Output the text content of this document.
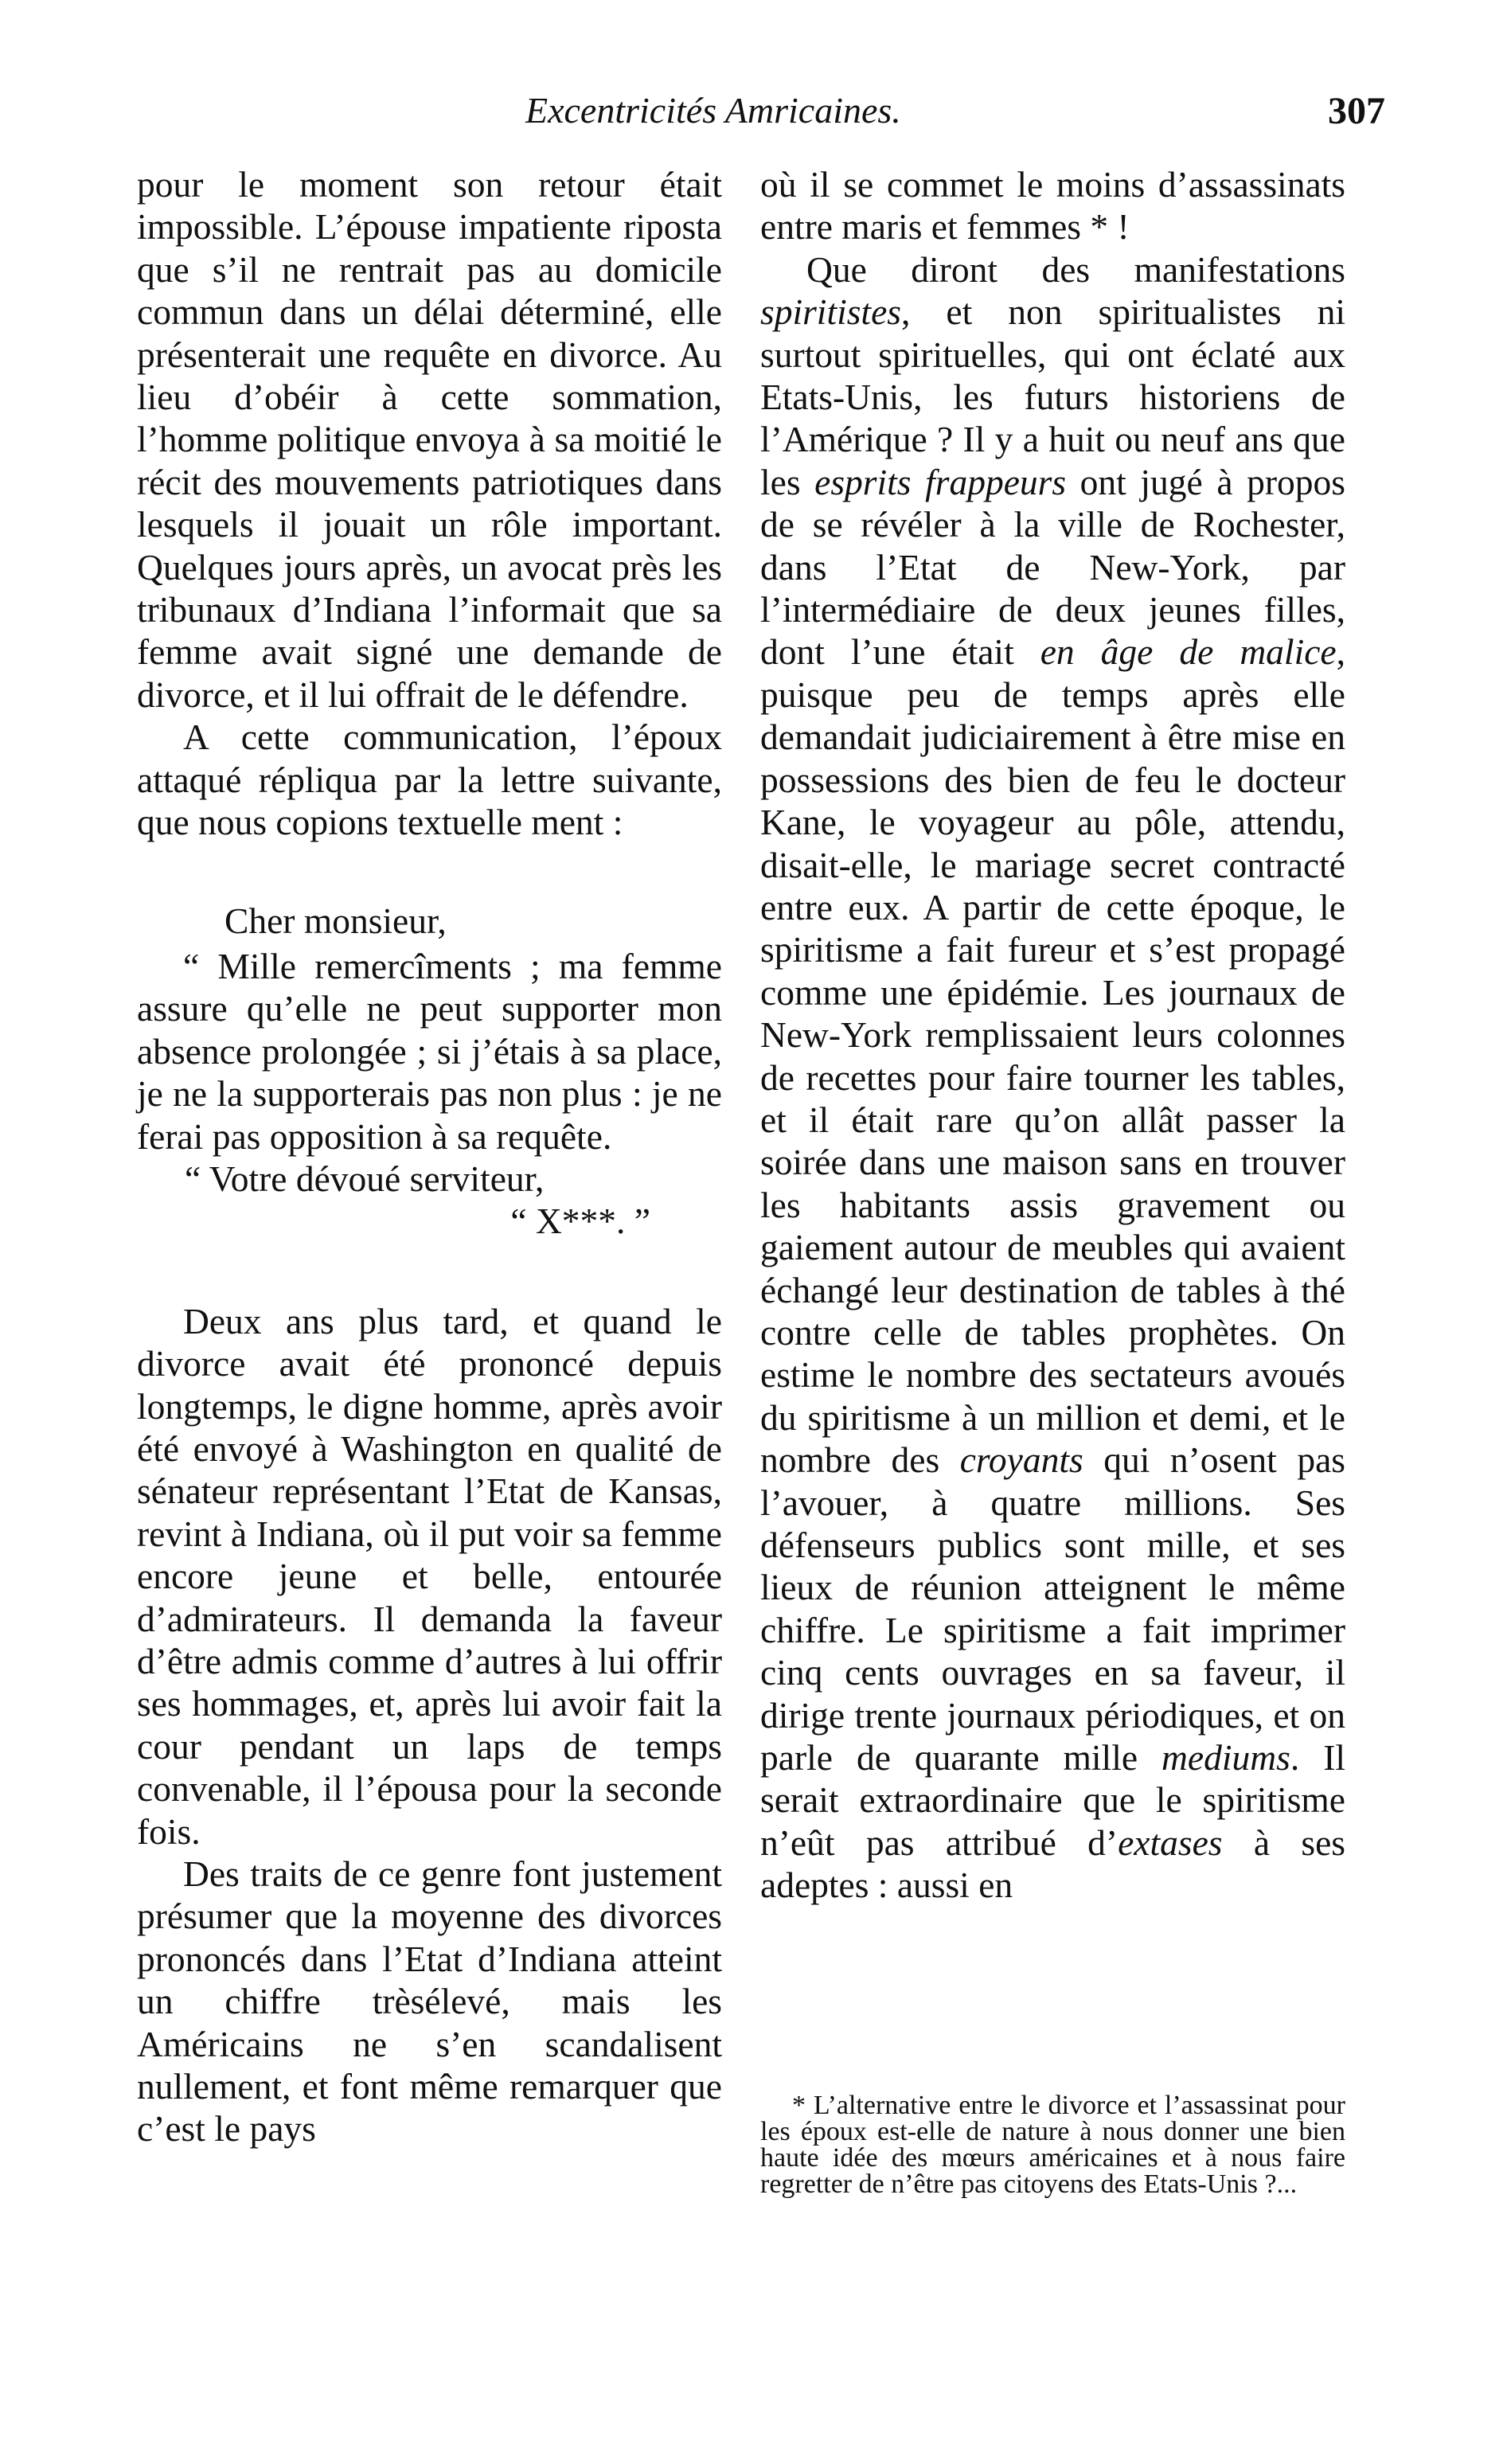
Excentricités Amricaines.	307

pour le moment son retour était impossible. L’épouse impatiente riposta que s’il ne rentrait pas au domicile commun dans un délai déterminé, elle présenterait une requête en divorce. Au lieu d’obéir à cette sommation, l’homme politique envoya à sa moitié le récit des mouvements patriotiques dans lesquels il jouait un rôle important. Quelques jours après, un avocat près les tribunaux d’Indiana l’informait que sa femme avait signé une demande de divorce, et il lui offrait de le défendre.

A cette communication, l’époux attaqué répliqua par la lettre suivante, que nous copions textuelle ment :

Cher monsieur,

“ Mille remercîments ; ma femme assure qu’elle ne peut supporter mon absence prolongée ; si j’étais à sa place, je ne la supporterais pas non plus : je ne ferai pas opposition à sa requête.

“ Votre dévoué serviteur,

“ X***. ”

Deux ans plus tard, et quand le divorce avait été prononcé depuis longtemps, le digne homme, après avoir été envoyé à Washington en qualité de sénateur représentant l’Etat de Kansas, revint à Indiana, où il put voir sa femme encore jeune et belle, entourée d’admirateurs. Il demanda la faveur d’être admis comme d’autres à lui offrir ses hommages, et, après lui avoir fait la cour pendant un laps de temps convenable, il l’épousa pour la seconde fois.

Des traits de ce genre font justement présumer que la moyenne des divorces prononcés dans l’Etat d’Indiana atteint un chiffre trèsélevé, mais les Américains ne s’en scandalisent nullement, et font même remarquer que c’est le pays

où il se commet le moins d’assassinats entre maris et femmes * !

Que diront des manifestations spiritistes, et non spiritualistes ni surtout spirituelles, qui ont éclaté aux Etats-Unis, les futurs historiens de l’Amérique ? Il y a huit ou neuf ans que les esprits frappeurs ont jugé à propos de se révéler à la ville de Rochester, dans l’Etat de New-York, par l’intermédiaire de deux jeunes filles, dont l’une était en âge de malice, puisque peu de temps après elle demandait judiciairement à être mise en possessions des bien de feu le docteur Kane, le voyageur au pôle, attendu, disait-elle, le mariage secret contracté entre eux. A partir de cette époque, le spiritisme a fait fureur et s’est propagé comme une épidémie. Les journaux de New-York remplissaient leurs colonnes de recettes pour faire tourner les tables, et il était rare qu’on allât passer la soirée dans une maison sans en trouver les habitants assis gravement ou gaiement autour de meubles qui avaient échangé leur destination de tables à thé contre celle de tables prophètes. On estime le nombre des sectateurs avoués du spiritisme à un million et demi, et le nombre des croyants qui n’osent pas l’avouer, à quatre millions. Ses défenseurs publics sont mille, et ses lieux de réunion atteignent le même chiffre. Le spiritisme a fait imprimer cinq cents ouvrages en sa faveur, il dirige trente journaux périodiques, et on parle de quarante mille mediums. Il serait extraordinaire que le spiritisme n’eût pas attribué d’extases à ses adeptes : aussi en

* L’alternative entre le divorce et l’assassinat pour les époux est-elle de nature à nous donner une bien haute idée des mœurs américaines et à nous faire regretter de n’être pas citoyens des Etats-Unis ?...
